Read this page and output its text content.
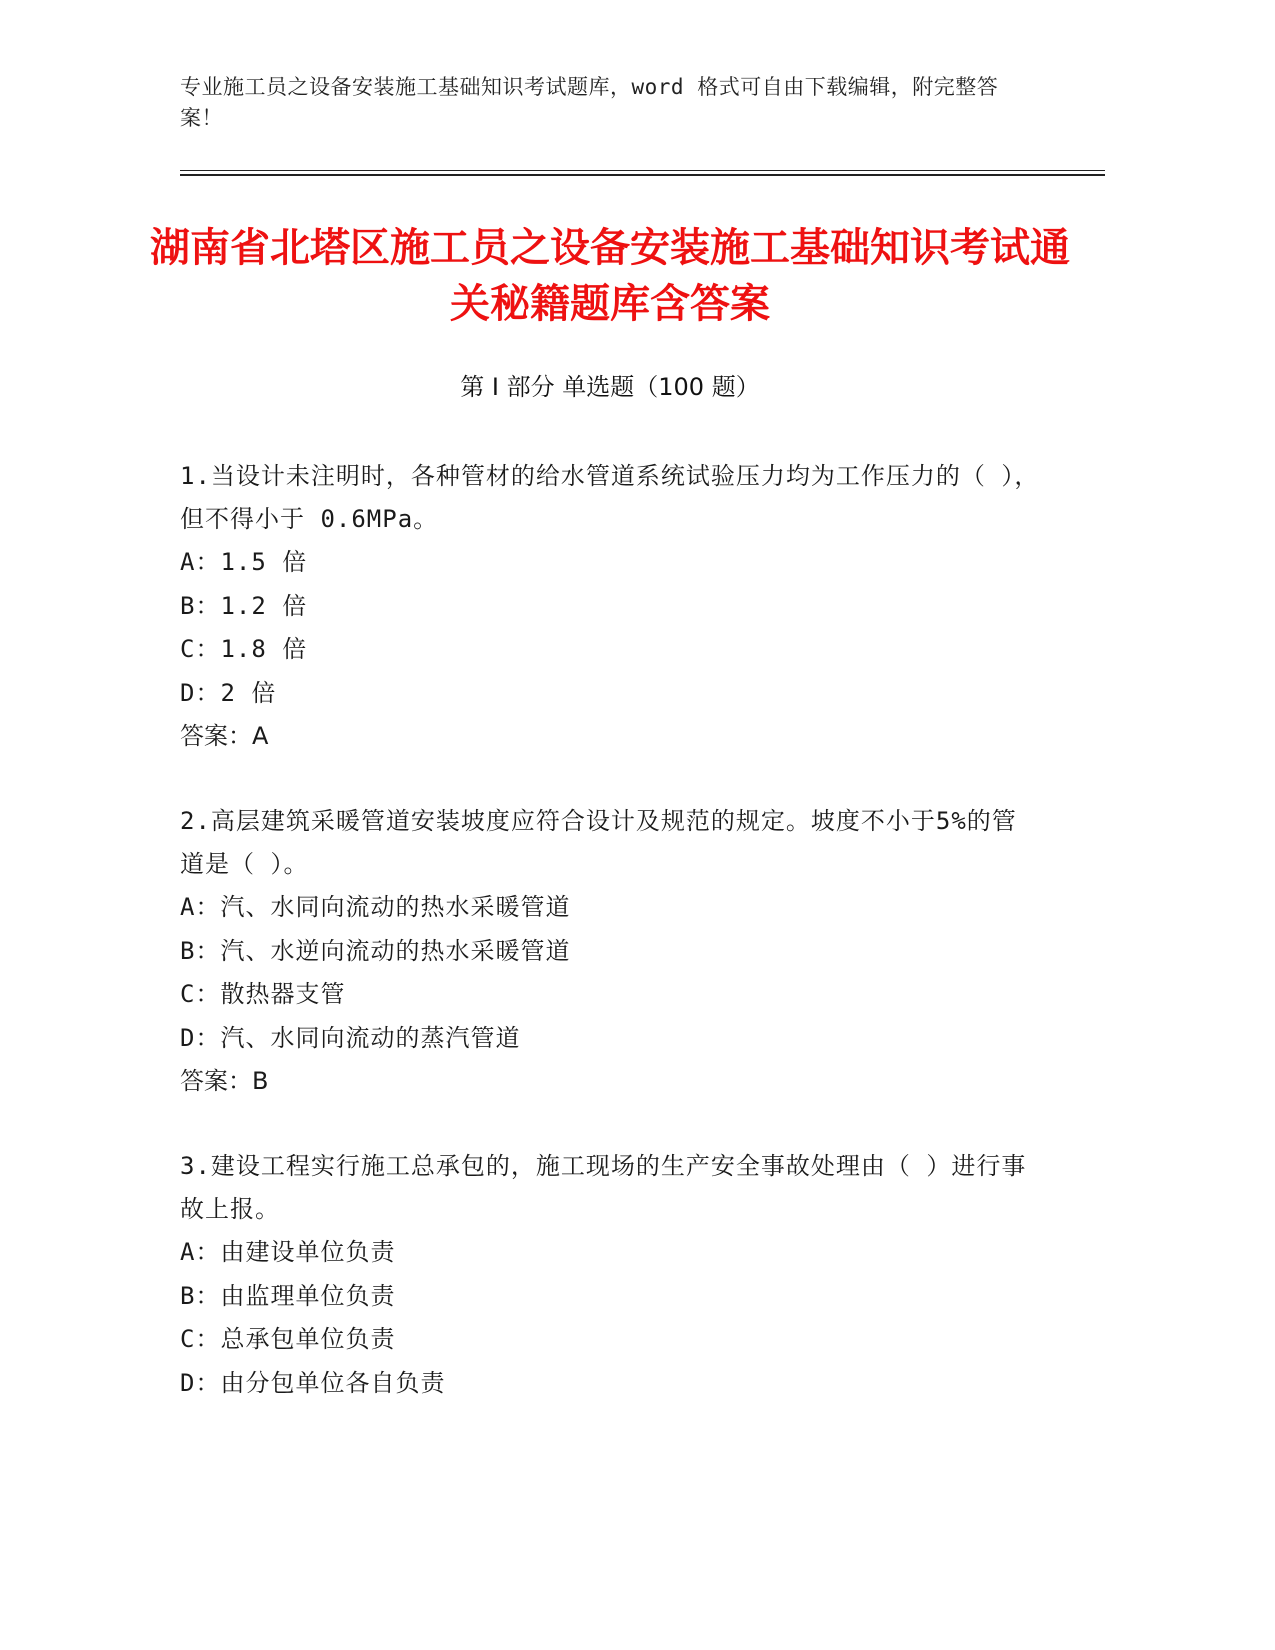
专业施工员之设备安装施工基础知识考试题库，word 格式可自由下载编辑，附完整答案！
湖南省北塔区施工员之设备安装施工基础知识考试通关秘籍题库含答案
第 I 部分 单选题（100 题）
1.当设计未注明时，各种管材的给水管道系统试验压力均为工作压力的（ ），但不得小于 0.6MPa。
A：1.5 倍
B：1.2 倍
C：1.8 倍
D：2 倍
答案：A
2.高层建筑采暖管道安装坡度应符合设计及规范的规定。坡度不小于5%的管道是（ ）。
A：汽、水同向流动的热水采暖管道
B：汽、水逆向流动的热水采暖管道
C：散热器支管
D：汽、水同向流动的蒸汽管道
答案：B
3.建设工程实行施工总承包的，施工现场的生产安全事故处理由（ ）进行事故上报。
A：由建设单位负责
B：由监理单位负责
C：总承包单位负责
D：由分包单位各自负责
